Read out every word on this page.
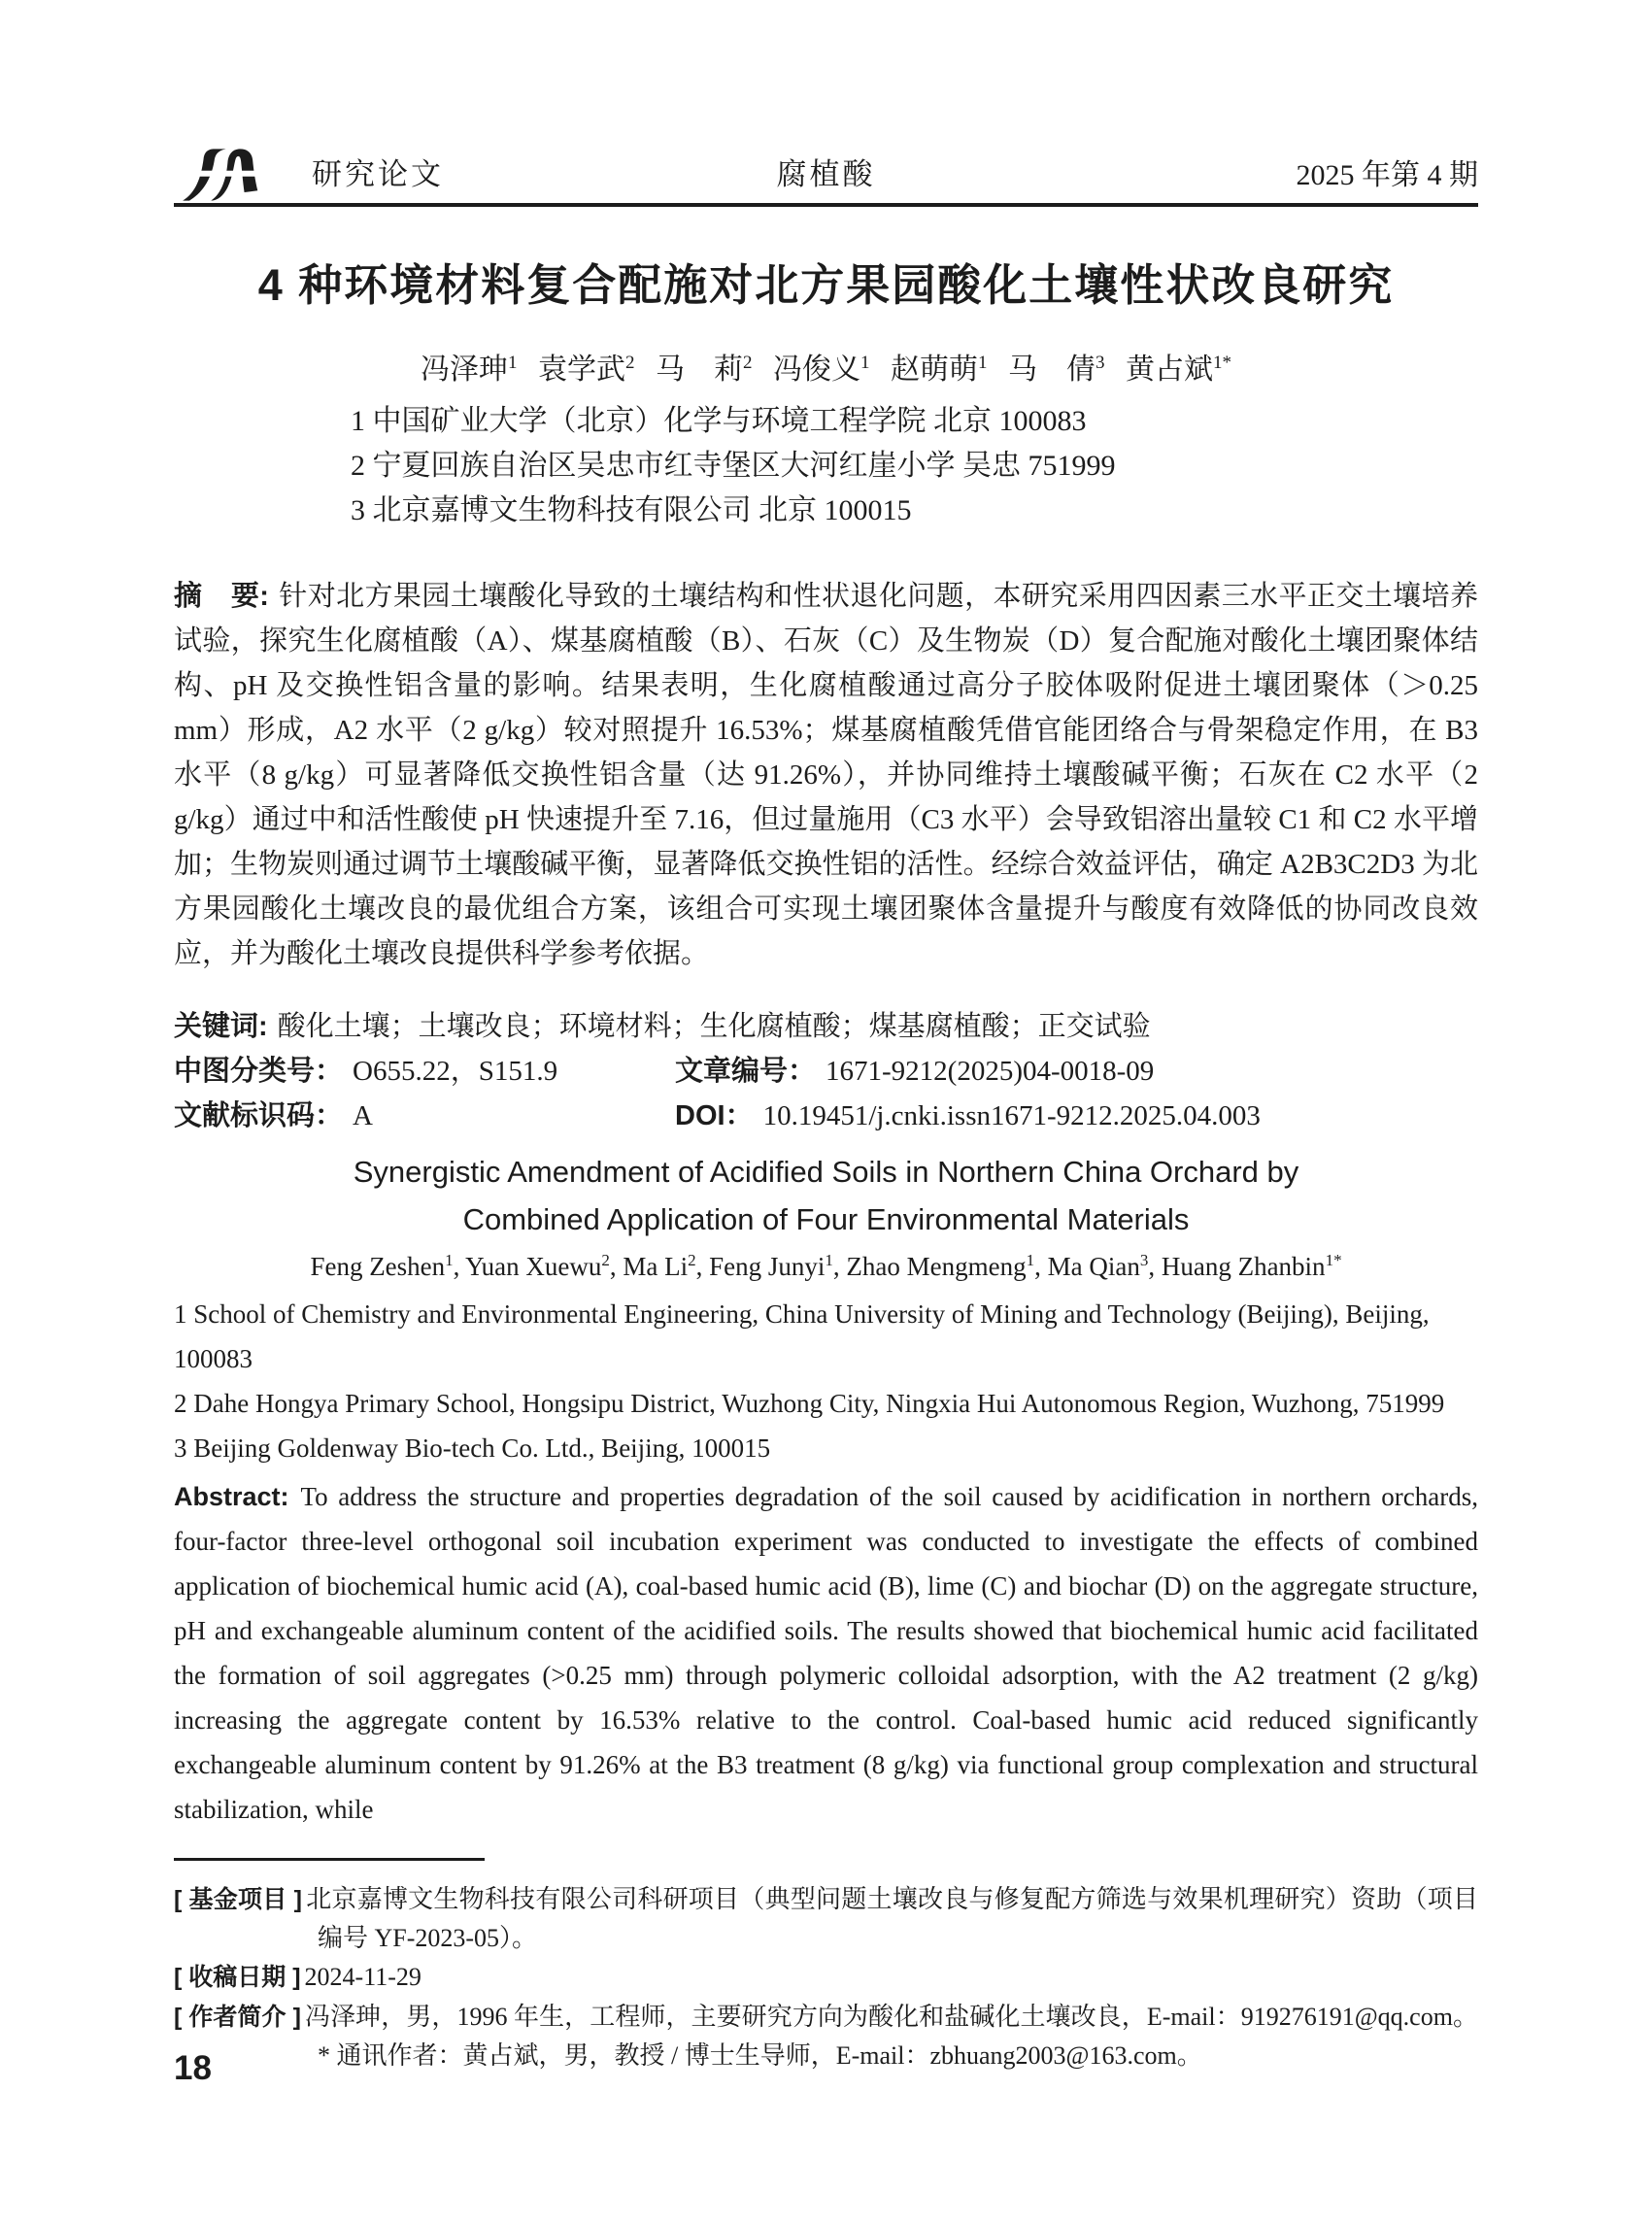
研究论文	腐植酸	2025 年第 4 期
4 种环境材料复合配施对北方果园酸化土壤性状改良研究
冯泽珅$^1$ 袁学武$^2$ 马　莉$^2$ 冯俊义$^1$ 赵萌萌$^1$ 马　倩$^3$ 黄占斌$^{1*}$
1 中国矿业大学（北京）化学与环境工程学院 北京 100083
2 宁夏回族自治区吴忠市红寺堡区大河红崖小学 吴忠 751999
3 北京嘉博文生物科技有限公司 北京 100015

摘　要: 针对北方果园土壤酸化导致的土壤结构和性状退化问题，本研究采用四因素三水平正交土壤培养试验，探究生化腐植酸（A）、煤基腐植酸（B）、石灰（C）及生物炭（D）复合配施对酸化土壤团聚体结构、pH 及交换性铝含量的影响。结果表明，生化腐植酸通过高分子胶体吸附促进土壤团聚体（＞0.25 mm）形成，A2 水平（2 g/kg）较对照提升 16.53%；煤基腐植酸凭借官能团络合与骨架稳定作用，在 B3 水平（8 g/kg）可显著降低交换性铝含量（达 91.26%），并协同维持土壤酸碱平衡；石灰在 C2 水平（2 g/kg）通过中和活性酸使 pH 快速提升至 7.16，但过量施用（C3 水平）会导致铝溶出量较 C1 和 C2 水平增加；生物炭则通过调节土壤酸碱平衡，显著降低交换性铝的活性。经综合效益评估，确定 A2B3C2D3 为北方果园酸化土壤改良的最优组合方案，该组合可实现土壤团聚体含量提升与酸度有效降低的协同改良效应，并为酸化土壤改良提供科学参考依据。

关键词: 酸化土壤；土壤改良；环境材料；生化腐植酸；煤基腐植酸；正交试验

中图分类号： O655.22，S151.9	文章编号： 1671-9212(2025)04-0018-09
文献标识码： A	DOI： 10.19451/j.cnki.issn1671-9212.2025.04.003
Synergistic Amendment of Acidified Soils in Northern China Orchard by
Combined Application of Four Environmental Materials
Feng Zeshen$^1$, Yuan Xuewu$^2$, Ma Li$^2$, Feng Junyi$^1$, Zhao Mengmeng$^1$, Ma Qian$^3$, Huang Zhanbin$^{1*}$
1 School of Chemistry and Environmental Engineering, China University of Mining and Technology (Beijing), Beijing, 100083
2 Dahe Hongya Primary School, Hongsipu District, Wuzhong City, Ningxia Hui Autonomous Region, Wuzhong, 751999
3 Beijing Goldenway Bio-tech Co. Ltd., Beijing, 100015

Abstract: To address the structure and properties degradation of the soil caused by acidification in northern orchards, four-factor three-level orthogonal soil incubation experiment was conducted to investigate the effects of combined application of biochemical humic acid (A), coal-based humic acid (B), lime (C) and biochar (D) on the aggregate structure, pH and exchangeable aluminum content of the acidified soils. The results showed that biochemical humic acid facilitated the formation of soil aggregates (>0.25 mm) through polymeric colloidal adsorption, with the A2 treatment (2 g/kg) increasing the aggregate content by 16.53% relative to the control. Coal-based humic acid reduced significantly exchangeable aluminum content by 91.26% at the B3 treatment (8 g/kg) via functional group complexation and structural stabilization, while

[ 基金项目 ] 北京嘉博文生物科技有限公司科研项目（典型问题土壤改良与修复配方筛选与效果机理研究）资助（项目编号 YF-2023-05）。

[ 收稿日期 ] 2024-11-29

[ 作者简介 ] 冯泽珅，男，1996 年生，工程师，主要研究方向为酸化和盐碱化土壤改良，E-mail：919276191@qq.com。* 通讯作者：黄占斌，男，教授 / 博士生导师，E-mail：zbhuang2003@163.com。

18
